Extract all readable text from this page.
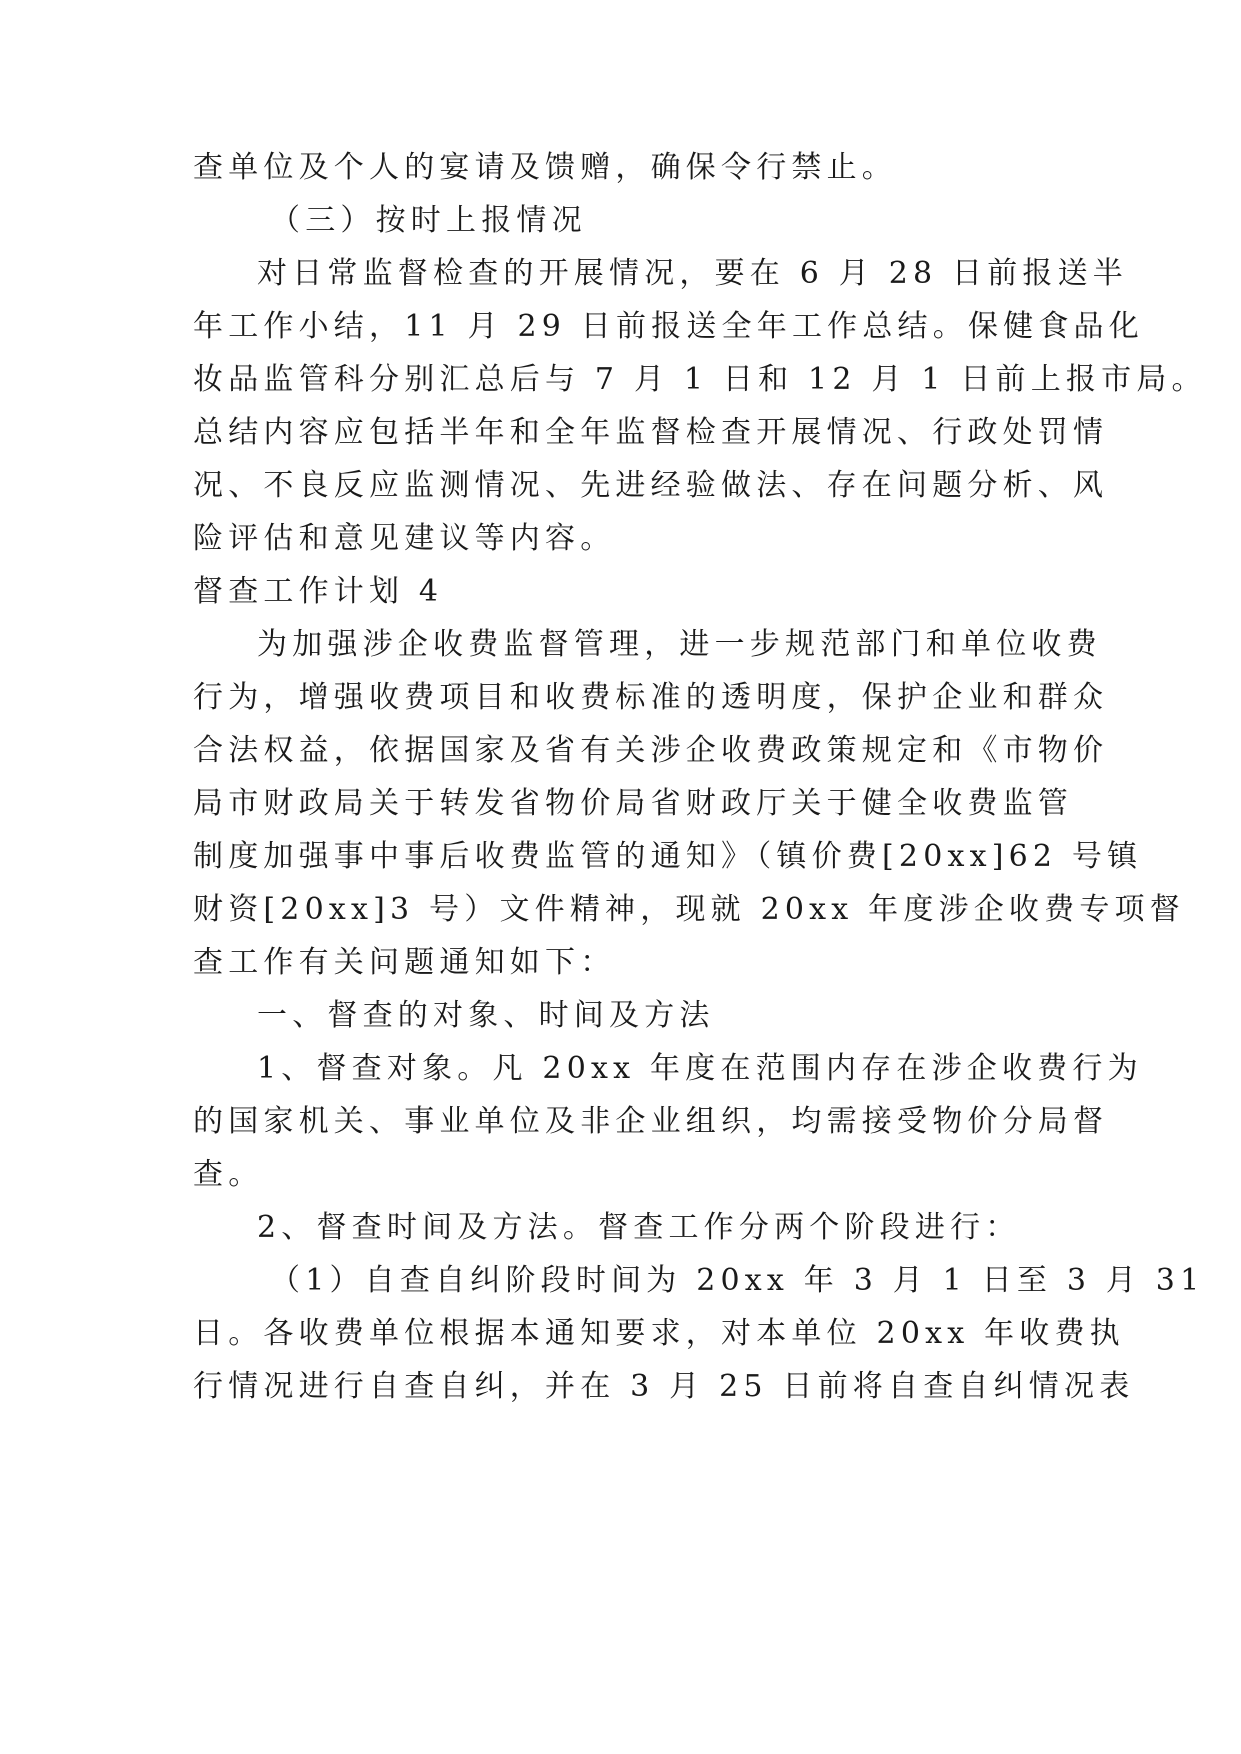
查单位及个人的宴请及馈赠，确保令行禁止。
（三）按时上报情况
对日常监督检查的开展情况，要在 6 月 28 日前报送半
年工作小结，11 月 29 日前报送全年工作总结。保健食品化
妆品监管科分别汇总后与 7 月 1 日和 12 月 1 日前上报市局。
总结内容应包括半年和全年监督检查开展情况、行政处罚情
况、不良反应监测情况、先进经验做法、存在问题分析、风
险评估和意见建议等内容。
督查工作计划 4
为加强涉企收费监督管理，进一步规范部门和单位收费
行为，增强收费项目和收费标准的透明度，保护企业和群众
合法权益，依据国家及省有关涉企收费政策规定和《市物价
局市财政局关于转发省物价局省财政厅关于健全收费监管
制度加强事中事后收费监管的通知》（镇价费[20xx]62 号镇
财资[20xx]3 号）文件精神，现就 20xx 年度涉企收费专项督
查工作有关问题通知如下：
一、督查的对象、时间及方法
1、督查对象。凡 20xx 年度在范围内存在涉企收费行为
的国家机关、事业单位及非企业组织，均需接受物价分局督
查。
2、督查时间及方法。督查工作分两个阶段进行：
（1）自查自纠阶段时间为 20xx 年 3 月 1 日至 3 月 31
日。各收费单位根据本通知要求，对本单位 20xx 年收费执
行情况进行自查自纠，并在 3 月 25 日前将自查自纠情况表
